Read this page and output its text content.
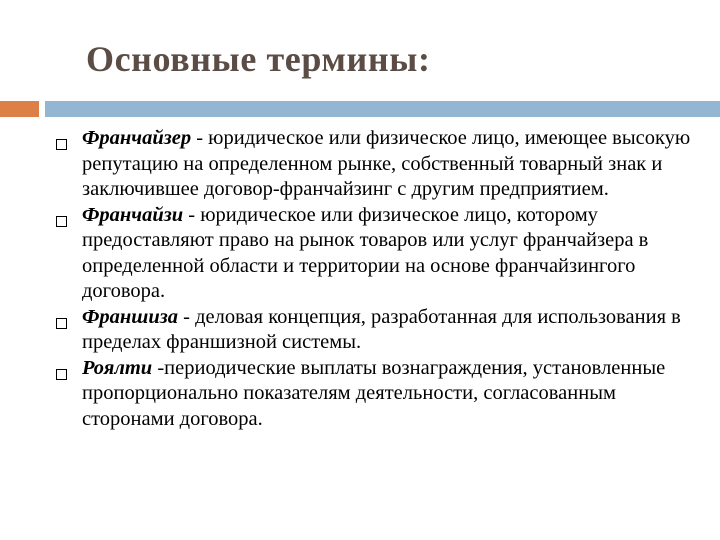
Основные термины:
Франчайзер - юридическое или физическое лицо, имеющее высокую репутацию на определенном рынке, собственный товарный знак и заключившее договор-франчайзинг с другим предприятием.
Франчайзи - юридическое или физическое лицо, которому предоставляют право на рынок товаров или услуг франчайзера в определенной области и территории на основе франчайзингого договора.
Франшиза - деловая концепция, разработанная для использования в пределах франшизной системы.
Роялти -периодические выплаты вознаграждения, установленные пропорционально показателям деятельности, согласованным сторонами договора.
